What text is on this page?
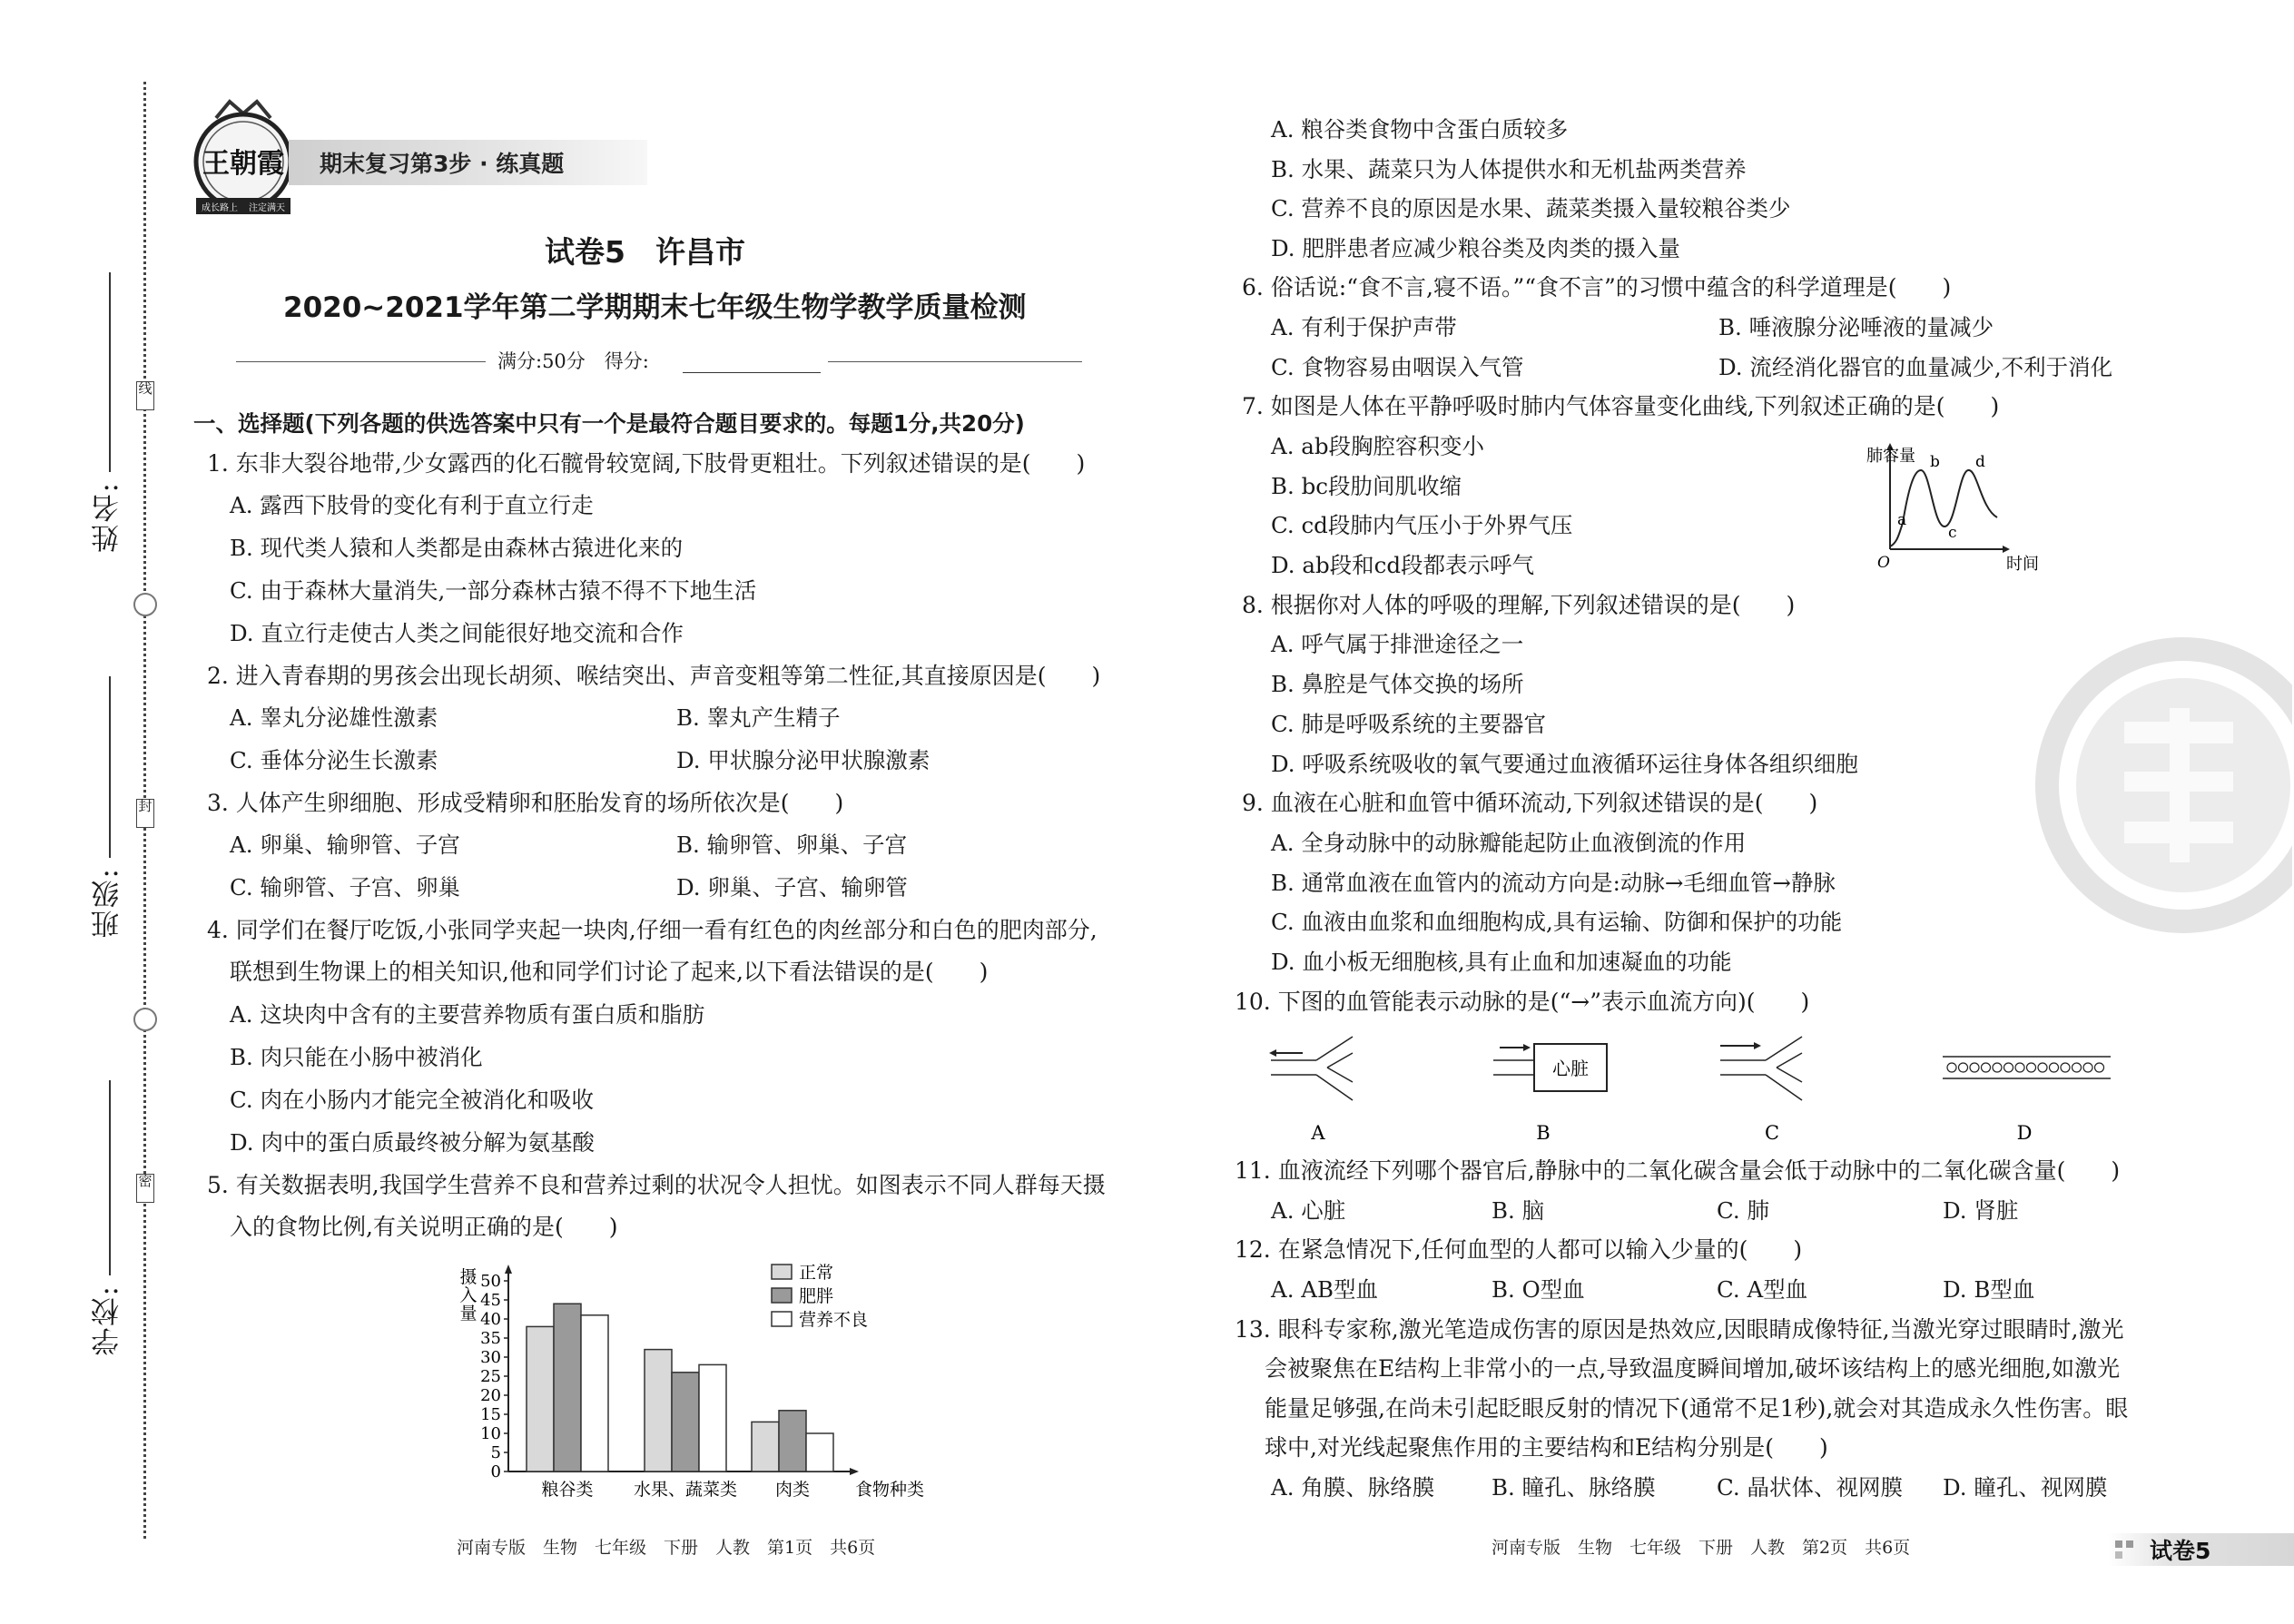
线
封
密
姓名:
班级:
学校:
王朝霞
成长路上 注定满天
期末复习第3步 · 练真题
试卷5　许昌市
2020~2021学年第二学期期末七年级生物学教学质量检测
满分:50分　得分:
一、选择题(下列各题的供选答案中只有一个是最符合题目要求的。每题1分,共20分)
1. 东非大裂谷地带,少女露西的化石髋骨较宽阔,下肢骨更粗壮。下列叙述错误的是(　　)
A. 露西下肢骨的变化有利于直立行走
B. 现代类人猿和人类都是由森林古猿进化来的
C. 由于森林大量消失,一部分森林古猿不得不下地生活
D. 直立行走使古人类之间能很好地交流和合作
2. 进入青春期的男孩会出现长胡须、喉结突出、声音变粗等第二性征,其直接原因是(　　)
A. 睾丸分泌雄性激素	B. 睾丸产生精子
C. 垂体分泌生长激素	D. 甲状腺分泌甲状腺激素
3. 人体产生卵细胞、形成受精卵和胚胎发育的场所依次是(　　)
A. 卵巢、输卵管、子宫	B. 输卵管、卵巢、子宫
C. 输卵管、子宫、卵巢	D. 卵巢、子宫、输卵管
4. 同学们在餐厅吃饭,小张同学夹起一块肉,仔细一看有红色的肉丝部分和白色的肥肉部分,
联想到生物课上的相关知识,他和同学们讨论了起来,以下看法错误的是(　　)
A. 这块肉中含有的主要营养物质有蛋白质和脂肪
B. 肉只能在小肠中被消化
C. 肉在小肠内才能完全被消化和吸收
D. 肉中的蛋白质最终被分解为氨基酸
5. 有关数据表明,我国学生营养不良和营养过剩的状况令人担忧。如图表示不同人群每天摄
入的食物比例,有关说明正确的是(　　)
0
5
10
15
20
25
30
35
40
45
50
摄
入
量
粮谷类 水果、蔬菜类 肉类	食物种类
正常
肥胖
营养不良
A. 粮谷类食物中含蛋白质较多
B. 水果、蔬菜只为人体提供水和无机盐两类营养
C. 营养不良的原因是水果、蔬菜类摄入量较粮谷类少
D. 肥胖患者应减少粮谷类及肉类的摄入量
6. 俗话说:“食不言,寝不语。”“食不言”的习惯中蕴含的科学道理是(　　)
A. 有利于保护声带	B. 唾液腺分泌唾液的量减少
C. 食物容易由咽误入气管	D. 流经消化器官的血量减少,不利于消化
7. 如图是人体在平静呼吸时肺内气体容量变化曲线,下列叙述正确的是(　　)
A. ab段胸腔容积变小
B. bc段肋间肌收缩
C. cd段肺内气压小于外界气压
D. ab段和cd段都表示呼气
肺容量
a
b
c
d
O	时间
8. 根据你对人体的呼吸的理解,下列叙述错误的是(　　)
A. 呼气属于排泄途径之一
B. 鼻腔是气体交换的场所
C. 肺是呼吸系统的主要器官
D. 呼吸系统吸收的氧气要通过血液循环运往身体各组织细胞
9. 血液在心脏和血管中循环流动,下列叙述错误的是(　　)
A. 全身动脉中的动脉瓣能起防止血液倒流的作用
B. 通常血液在血管内的流动方向是:动脉→毛细血管→静脉
C. 血液由血浆和血细胞构成,具有运输、防御和保护的功能
D. 血小板无细胞核,具有止血和加速凝血的功能
10. 下图的血管能表示动脉的是(“→”表示血流方向)(　　)
心脏
A	B	C	D
11. 血液流经下列哪个器官后,静脉中的二氧化碳含量会低于动脉中的二氧化碳含量(　　)
A. 心脏	B. 脑	C. 肺	D. 肾脏
12. 在紧急情况下,任何血型的人都可以输入少量的(　　)
A. AB型血	B. O型血	C. A型血	D. B型血
13. 眼科专家称,激光笔造成伤害的原因是热效应,因眼睛成像特征,当激光穿过眼睛时,激光
会被聚焦在E结构上非常小的一点,导致温度瞬间增加,破坏该结构上的感光细胞,如激光
能量足够强,在尚未引起眨眼反射的情况下(通常不足1秒),就会对其造成永久性伤害。眼
球中,对光线起聚焦作用的主要结构和E结构分别是(　　)
A. 角膜、脉络膜	B. 瞳孔、脉络膜	C. 晶状体、视网膜 D. 瞳孔、视网膜
河南专版　生物　七年级　下册　人教　第1页　共6页	河南专版　生物　七年级　下册　人教　第2页　共6页	试卷5
